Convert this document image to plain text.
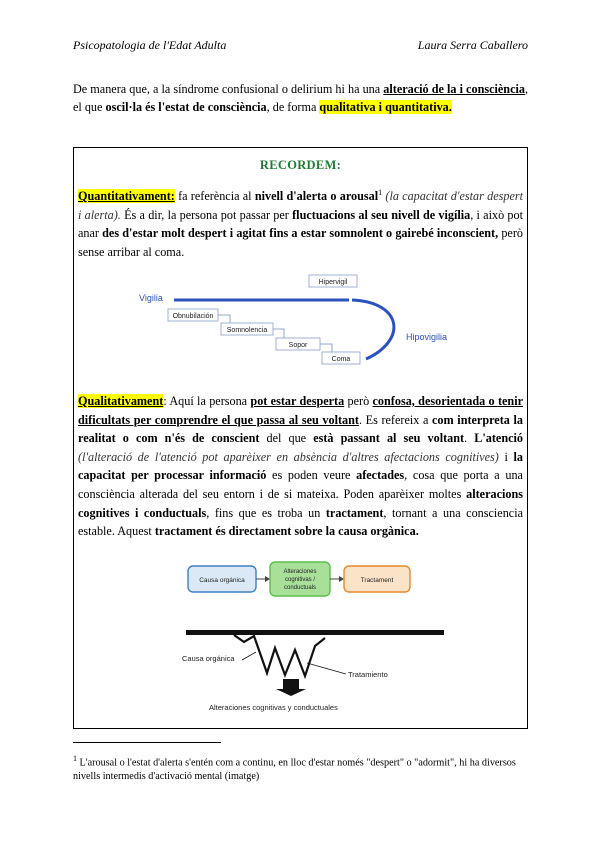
Psicopatologia de l'Edat Adulta	Laura Serra Caballero
De manera que, a la síndrome confusional o delirium hi ha una alteració de la i consciència, el que oscil·la és l'estat de consciència, de forma qualitativa i quantitativa.
RECORDEM:
Quantitativament: fa referència al nivell d'alerta o arousal$^1$ (la capacitat d'estar despert i alerta). És a dir, la persona pot passar per fluctuacions al seu nivell de vigília, i això pot anar des d'estar molt despert i agitat fins a estar somnolent o gairebé inconscient, però sense arribar al coma.
Hipervigil
Vigilia
Obnubilación
Somnolencia
Sopor
Coma
Hipovigilia
Qualitativament: Aquí la persona pot estar desperta però confosa, desorientada o tenir dificultats per comprendre el que passa al seu voltant. Es refereix a com interpreta la realitat o com n'és de conscient del que està passant al seu voltant. L'atenció (l'alteració de l'atenció pot aparèixer en absència d'altres afectacions cognitives) i la capacitat per processar informació es poden veure afectades, cosa que porta a una consciència alterada del seu entorn i de si mateixa. Poden aparèixer moltes alteracions cognitives i conductuals, fins que es troba un tractament, tornant a una consciencia estable. Aquest tractament és directament sobre la causa orgànica.
Causa orgánica
Alteraciones
cognitivas /
conductuals
Tractament
Causa orgánica
Tratamiento
Alteraciones cognitivas y conductuales
$^1$ L'arousal o l'estat d'alerta s'entén com a continu, en lloc d'estar només "despert" o "adormit", hi ha diversos nivells intermedis d'activació mental (imatge)
